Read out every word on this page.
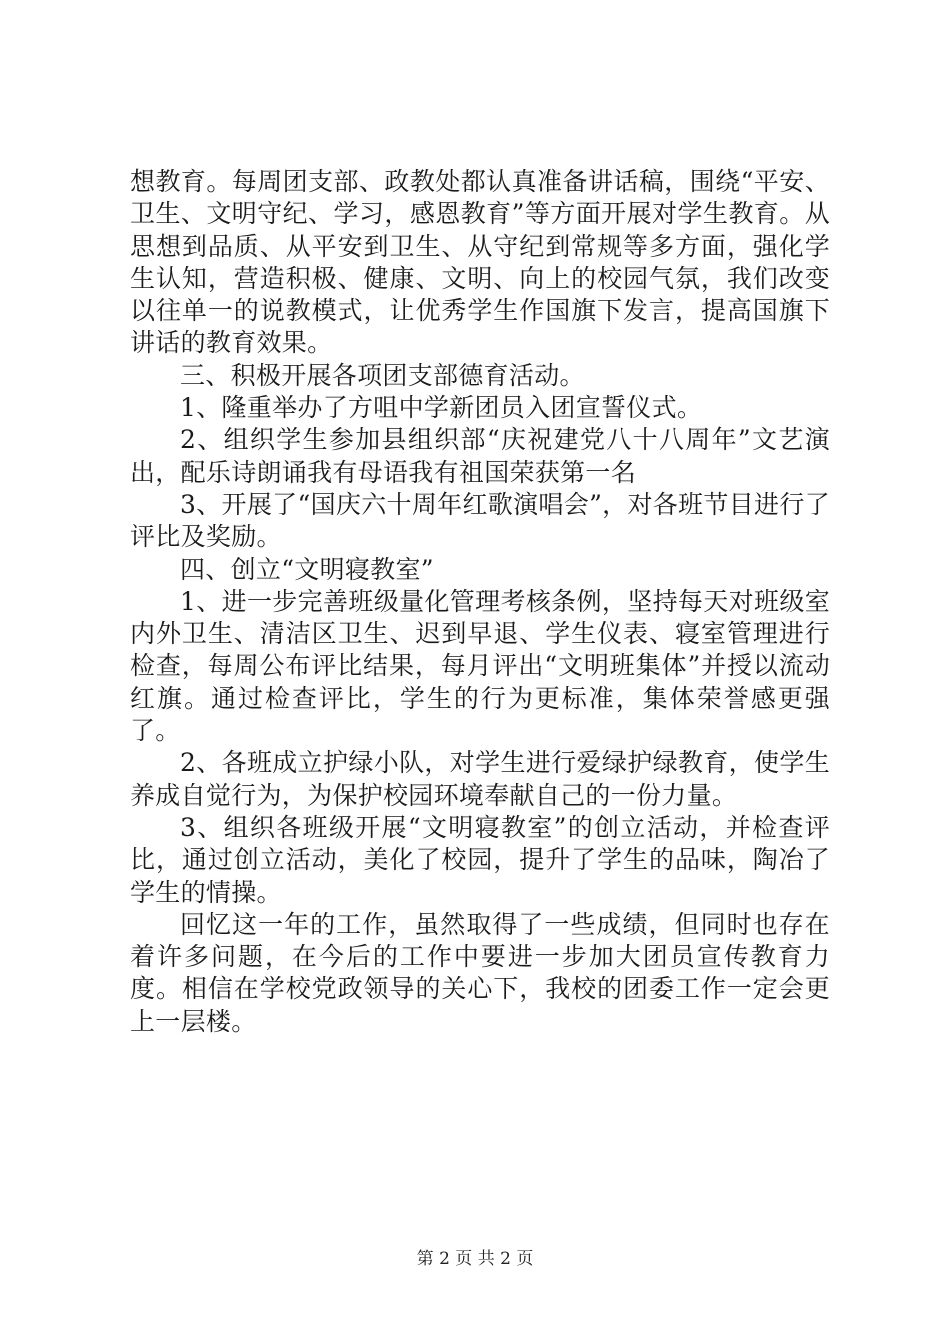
想教育。每周团支部、政教处都认真准备讲话稿，围绕“平安、卫生、文明守纪、学习，感恩教育”等方面开展对学生教育。从思想到品质、从平安到卫生、从守纪到常规等多方面，强化学生认知，营造积极、健康、文明、向上的校园气氛，我们改变以往单一的说教模式，让优秀学生作国旗下发言，提高国旗下讲话的教育效果。

三、积极开展各项团支部德育活动。

1、隆重举办了方咀中学新团员入团宣誓仪式。

2、组织学生参加县组织部“庆祝建党八十八周年”文艺演出，配乐诗朗诵我有母语我有祖国荣获第一名

3、开展了“国庆六十周年红歌演唱会”，对各班节目进行了评比及奖励。

四、创立“文明寝教室”

1、进一步完善班级量化管理考核条例，坚持每天对班级室内外卫生、清洁区卫生、迟到早退、学生仪表、寝室管理进行检查，每周公布评比结果，每月评出“文明班集体”并授以流动红旗。通过检查评比，学生的行为更标准，集体荣誉感更强了。

2、各班成立护绿小队，对学生进行爱绿护绿教育，使学生养成自觉行为，为保护校园环境奉献自己的一份力量。

3、组织各班级开展“文明寝教室”的创立活动，并检查评比，通过创立活动，美化了校园，提升了学生的品味，陶冶了学生的情操。

回忆这一年的工作，虽然取得了一些成绩，但同时也存在着许多问题，在今后的工作中要进一步加大团员宣传教育力度。相信在学校党政领导的关心下，我校的团委工作一定会更上一层楼。

第 2 页 共 2 页
